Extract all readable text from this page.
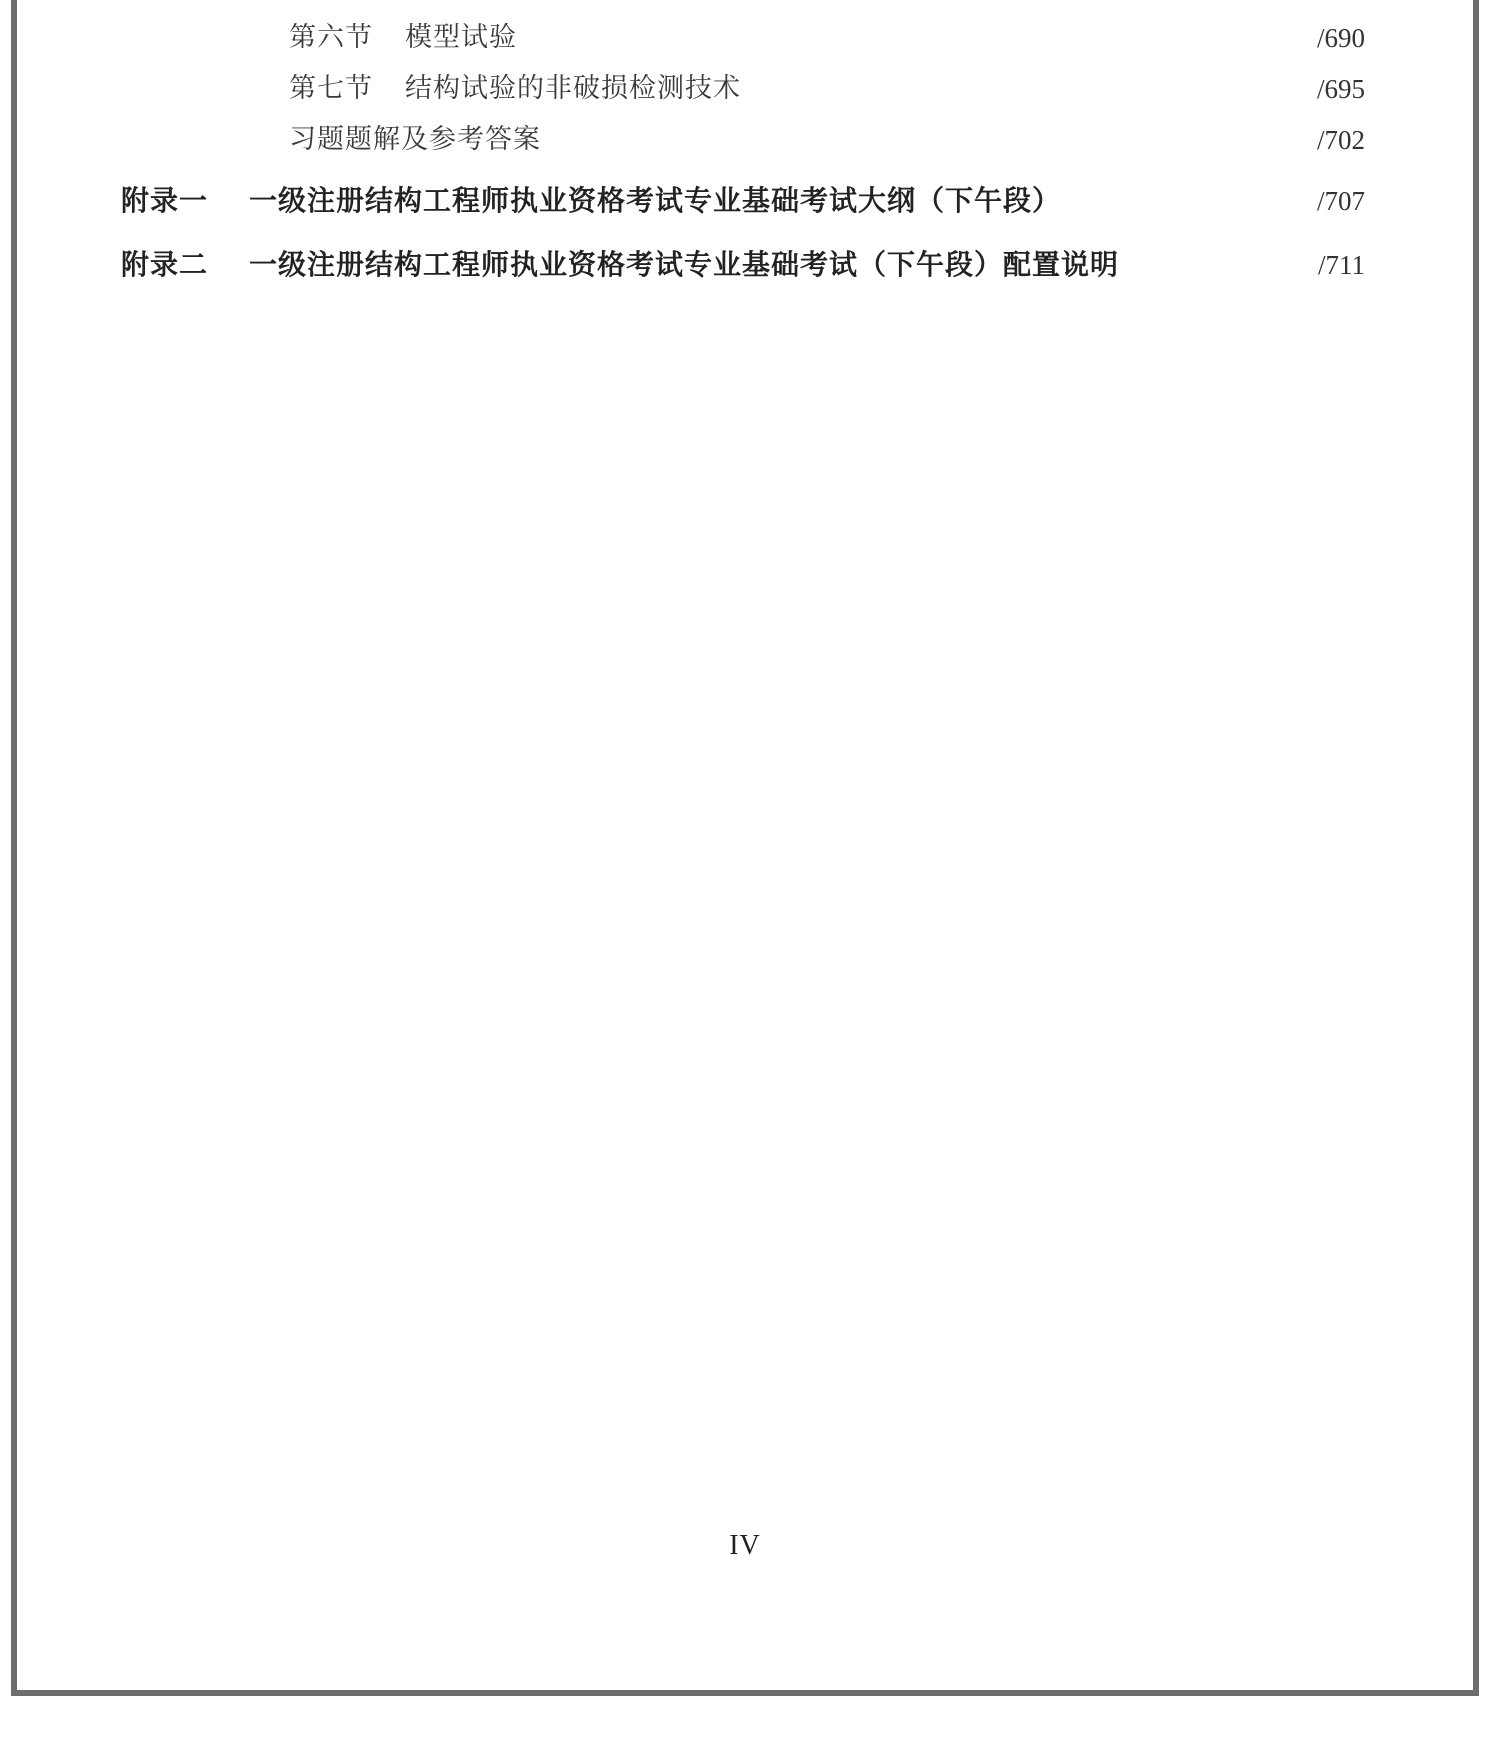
第六节 模型试验	/690
第七节 结构试验的非破损检测技术	/695
习题题解及参考答案	/702
附录一 一级注册结构工程师执业资格考试专业基础考试大纲（下午段）	/707
附录二 一级注册结构工程师执业资格考试专业基础考试（下午段）配置说明	/711
IV
